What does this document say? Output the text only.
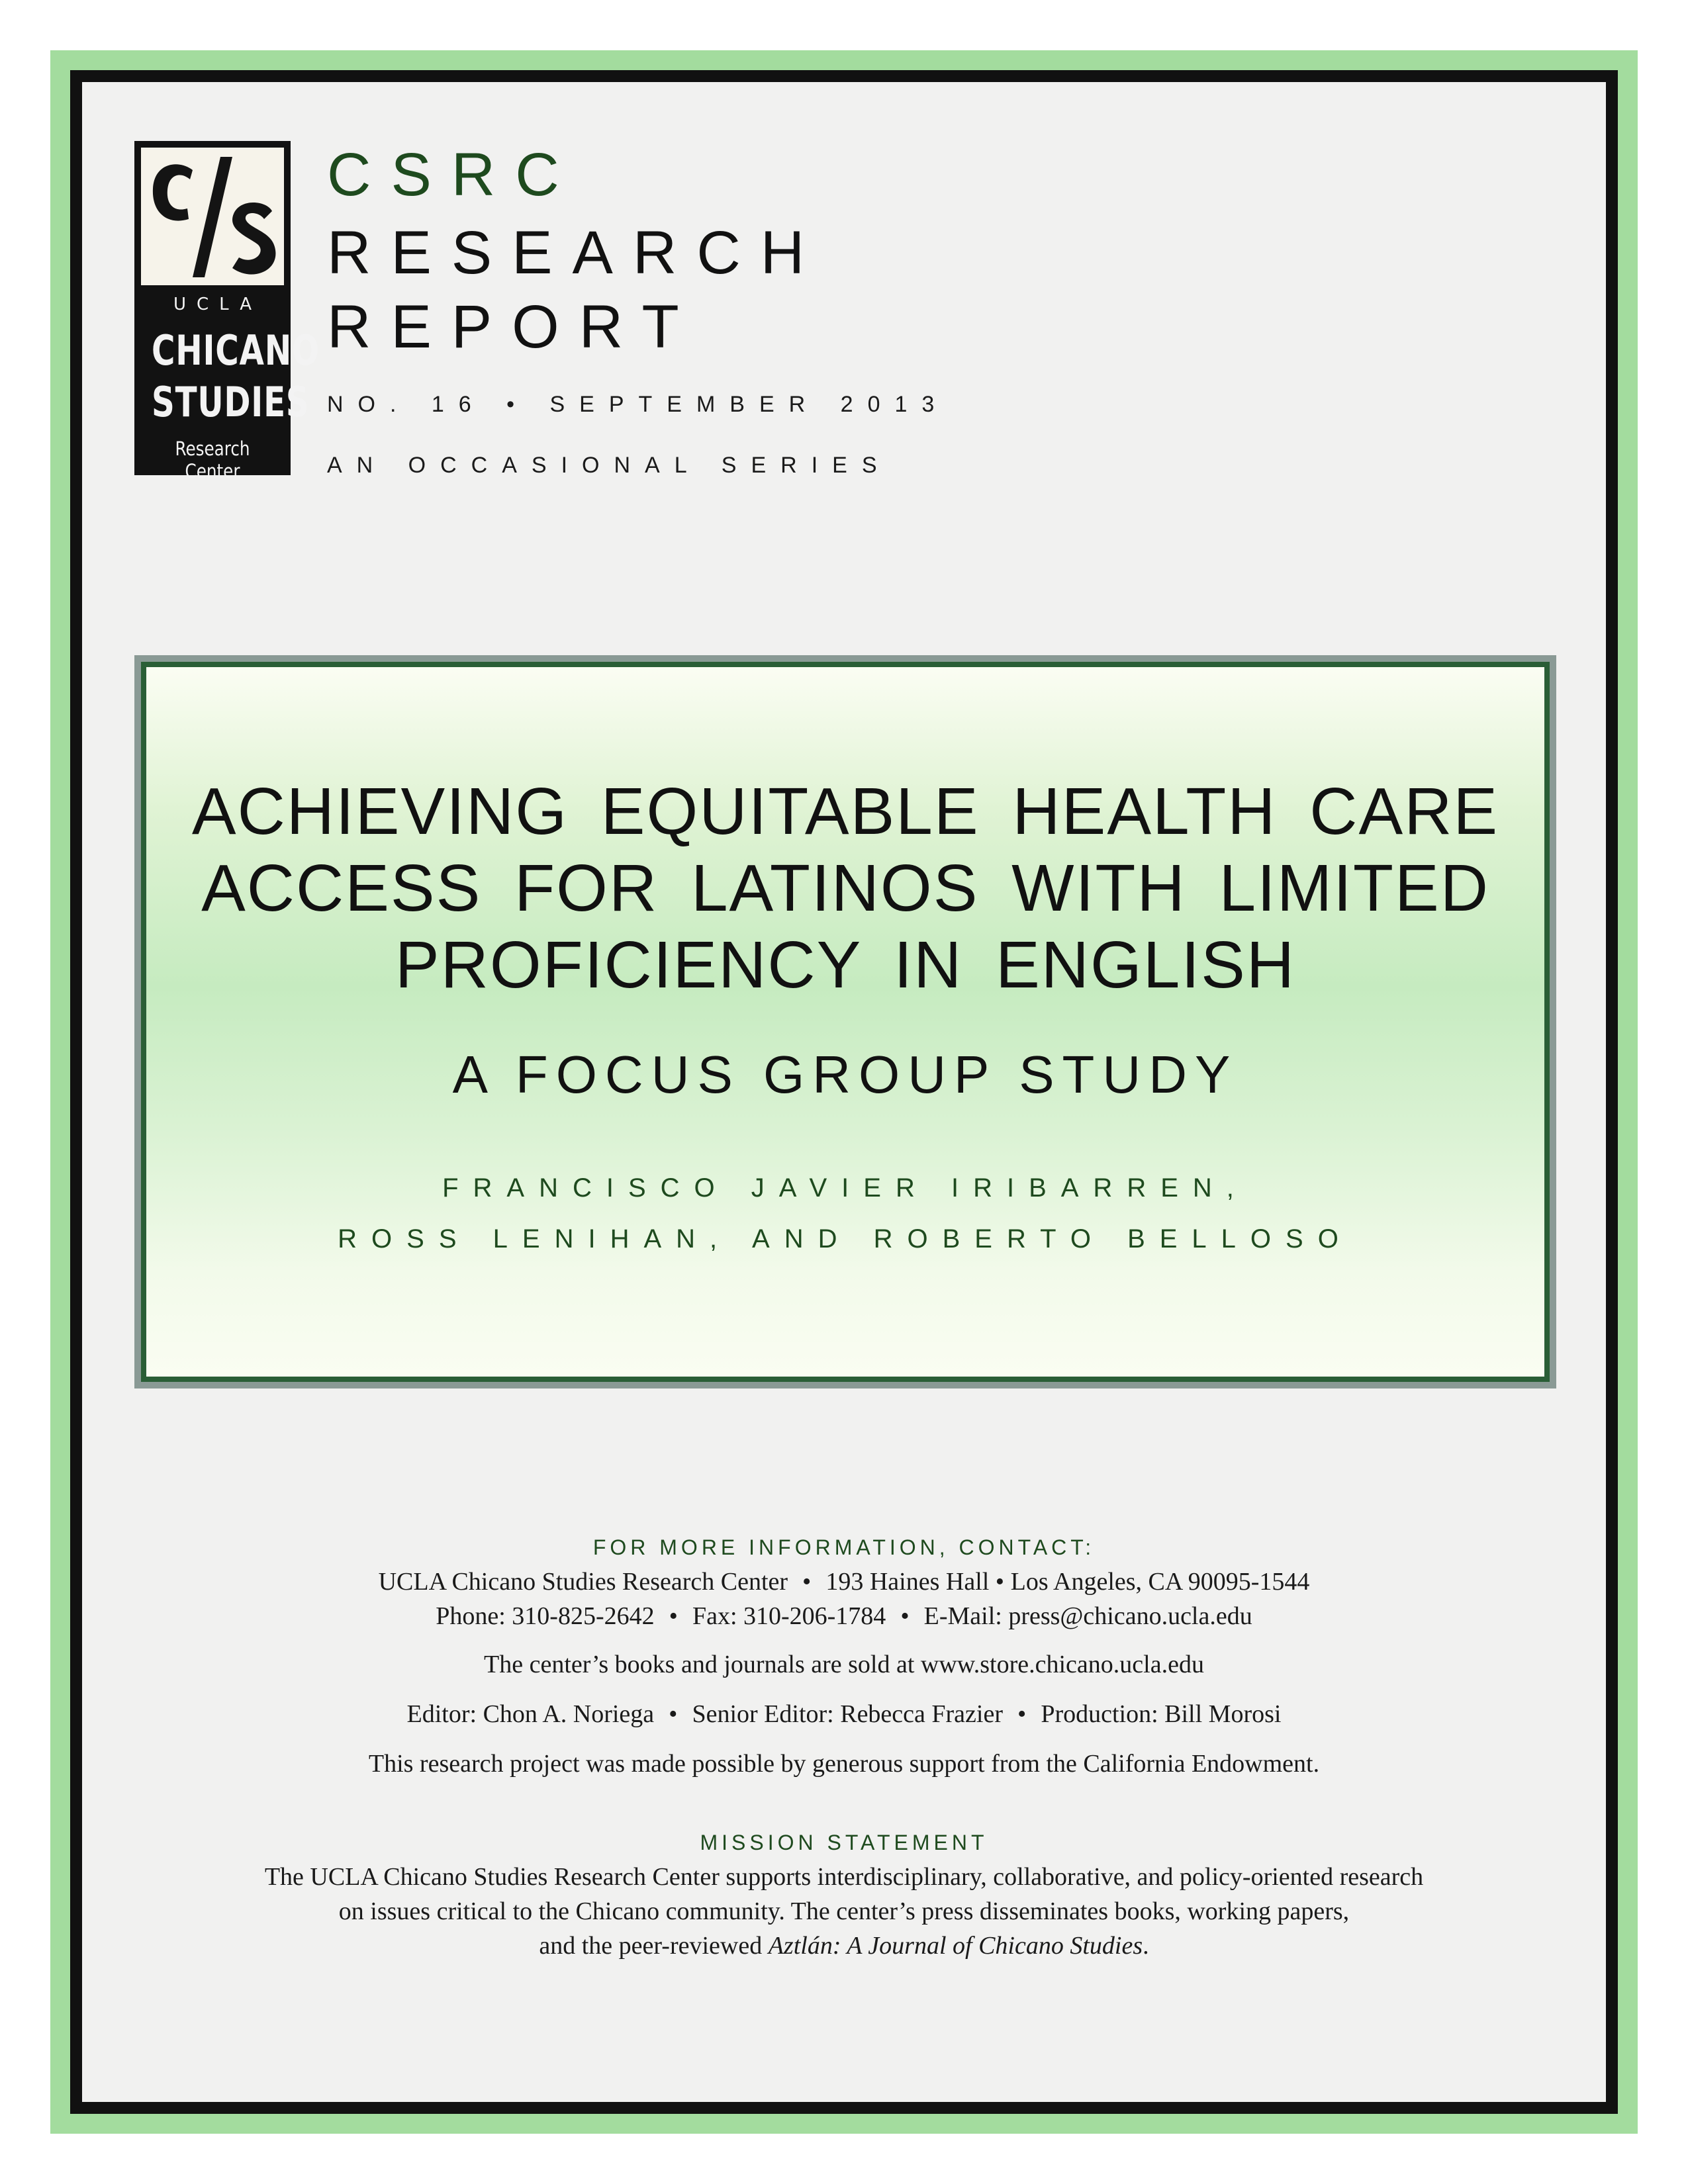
UCLA
CHICANO
STUDIES
Research Center
CSRC
RESEARCH
REPORT
NO. 16 • SEPTEMBER 2013
AN OCCASIONAL SERIES
ACHIEVING EQUITABLE HEALTH CARE
ACCESS FOR LATINOS WITH LIMITED
PROFICIENCY IN ENGLISH
A FOCUS GROUP STUDY
FRANCISCO JAVIER IRIBARREN,
ROSS LENIHAN, AND ROBERTO BELLOSO
FOR MORE INFORMATION, CONTACT:
UCLA Chicano Studies Research Center • 193 Haines Hall • Los Angeles, CA 90095-1544
Phone: 310-825-2642 • Fax: 310-206-1784 • E-Mail: press@chicano.ucla.edu
The center’s books and journals are sold at www.store.chicano.ucla.edu
Editor: Chon A. Noriega • Senior Editor: Rebecca Frazier • Production: Bill Morosi
This research project was made possible by generous support from the California Endowment.
MISSION STATEMENT
The UCLA Chicano Studies Research Center supports interdisciplinary, collaborative, and policy-oriented research
on issues critical to the Chicano community. The center’s press disseminates books, working papers,
and the peer-reviewed Aztlán: A Journal of Chicano Studies.
